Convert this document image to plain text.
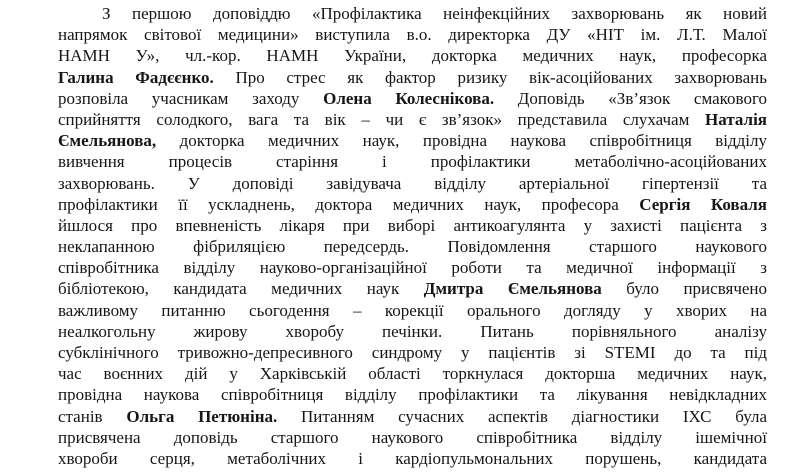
З першою доповіддю «Профілактика неінфекційних захворювань як новий
напрямок світової медицини» виступила в.о. директорка ДУ «НІТ ім. Л.Т. Малої
НАМН У», чл.-кор. НАМН України, докторка медичних наук, професорка
Галина Фадєєнко. Про стрес як фактор ризику вік-асоційованих захворювань
розповіла учасникам заходу Олена Колеснікова. Доповідь «Зв’язок смакового
сприйняття солодкого, вага та вік – чи є зв’язок» представила слухачам Наталія
Ємельянова, докторка медичних наук, провідна наукова співробітниця відділу
вивчення процесів старіння і профілактики метаболічно-асоційованих
захворювань. У доповіді завідувача відділу артеріальної гіпертензії та
профілактики її ускладнень, доктора медичних наук, професора Сергія Коваля
йшлося про впевненість лікаря при виборі антикоагулянта у захисті пацієнта з
неклапанною фібриляцією передсердь. Повідомлення старшого наукового
співробітника відділу науково-організаційної роботи та медичної інформації з
бібліотекою, кандидата медичних наук Дмитра Ємельянова було присвячено
важливому питанню сьогодення – корекції орального догляду у хворих на
неалкогольну жирову хворобу печінки. Питань порівняльного аналізу
субклінічного тривожно-депресивного синдрому у пацієнтів зі STEMI до та під
час воєнних дій у Харківській області торкнулася докторша медичних наук,
провідна наукова співробітниця відділу профілактики та лікування невідкладних
станів Ольга Петюніна. Питанням сучасних аспектів діагностики ІХС була
присвячена доповідь старшого наукового співробітника відділу ішемічної
хвороби серця, метаболічних і кардіопульмональних порушень, кандидата
